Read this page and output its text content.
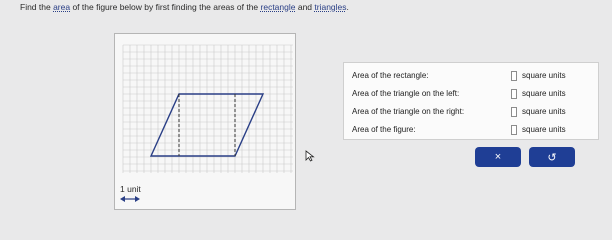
Find the area of the figure below by first finding the areas of the rectangle and triangles.
1 unit
Area of the rectangle:	square units
Area of the triangle on the left:	square units
Area of the triangle on the right:	square units
Area of the figure:	square units
×	↺
